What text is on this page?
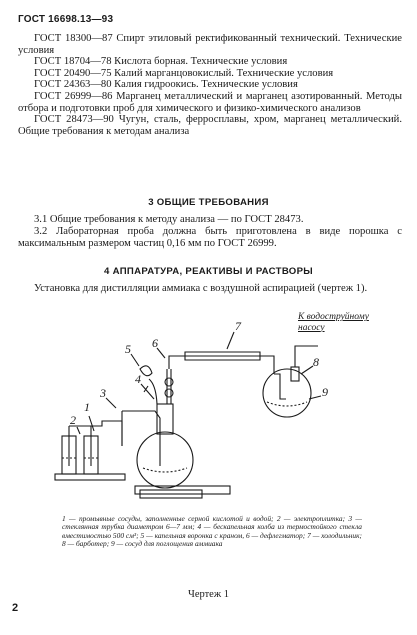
ГОСТ 16698.13—93

ГОСТ 18300—87 Спирт этиловый ректификованный технический. Технические условия

ГОСТ 18704—78 Кислота борная. Технические условия

ГОСТ 20490—75 Калий марганцовокислый. Технические условия

ГОСТ 24363—80 Калия гидроокись. Технические условия

ГОСТ 26999—86 Марганец металлический и марганец азотированный. Методы отбора и подготовки проб для химического и физико-химического анализов

ГОСТ 28473—90 Чугун, сталь, ферросплавы, хром, марганец металлический. Общие требования к методам анализа

3 ОБЩИЕ ТРЕБОВАНИЯ

3.1 Общие требования к методу анализа — по ГОСТ 28473.

3.2 Лабораторная проба должна быть приготовлена в виде порошка с максимальным размером частиц 0,16 мм по ГОСТ 26999.

4 АППАРАТУРА, РЕАКТИВЫ И РАСТВОРЫ

Установка для дистилляции аммиака с воздушной аспирацией (чертеж 1).

1
2
3
4
5 6
7
8
9
К водоструйному насосу
1 — промывные сосуды, заполненные серной кислотой и водой; 2 — электроплитка; 3 — стеклянная трубка диаметром 6—7 мм; 4 — бескапельная колба из термостойкого стекла вместимостью 500 см³; 5 — капельная воронка с краном, 6 — дефлегматор; 7 — холодильник; 8 — барботер; 9 — сосуд для поглощения аммиака
Чертеж 1
2
